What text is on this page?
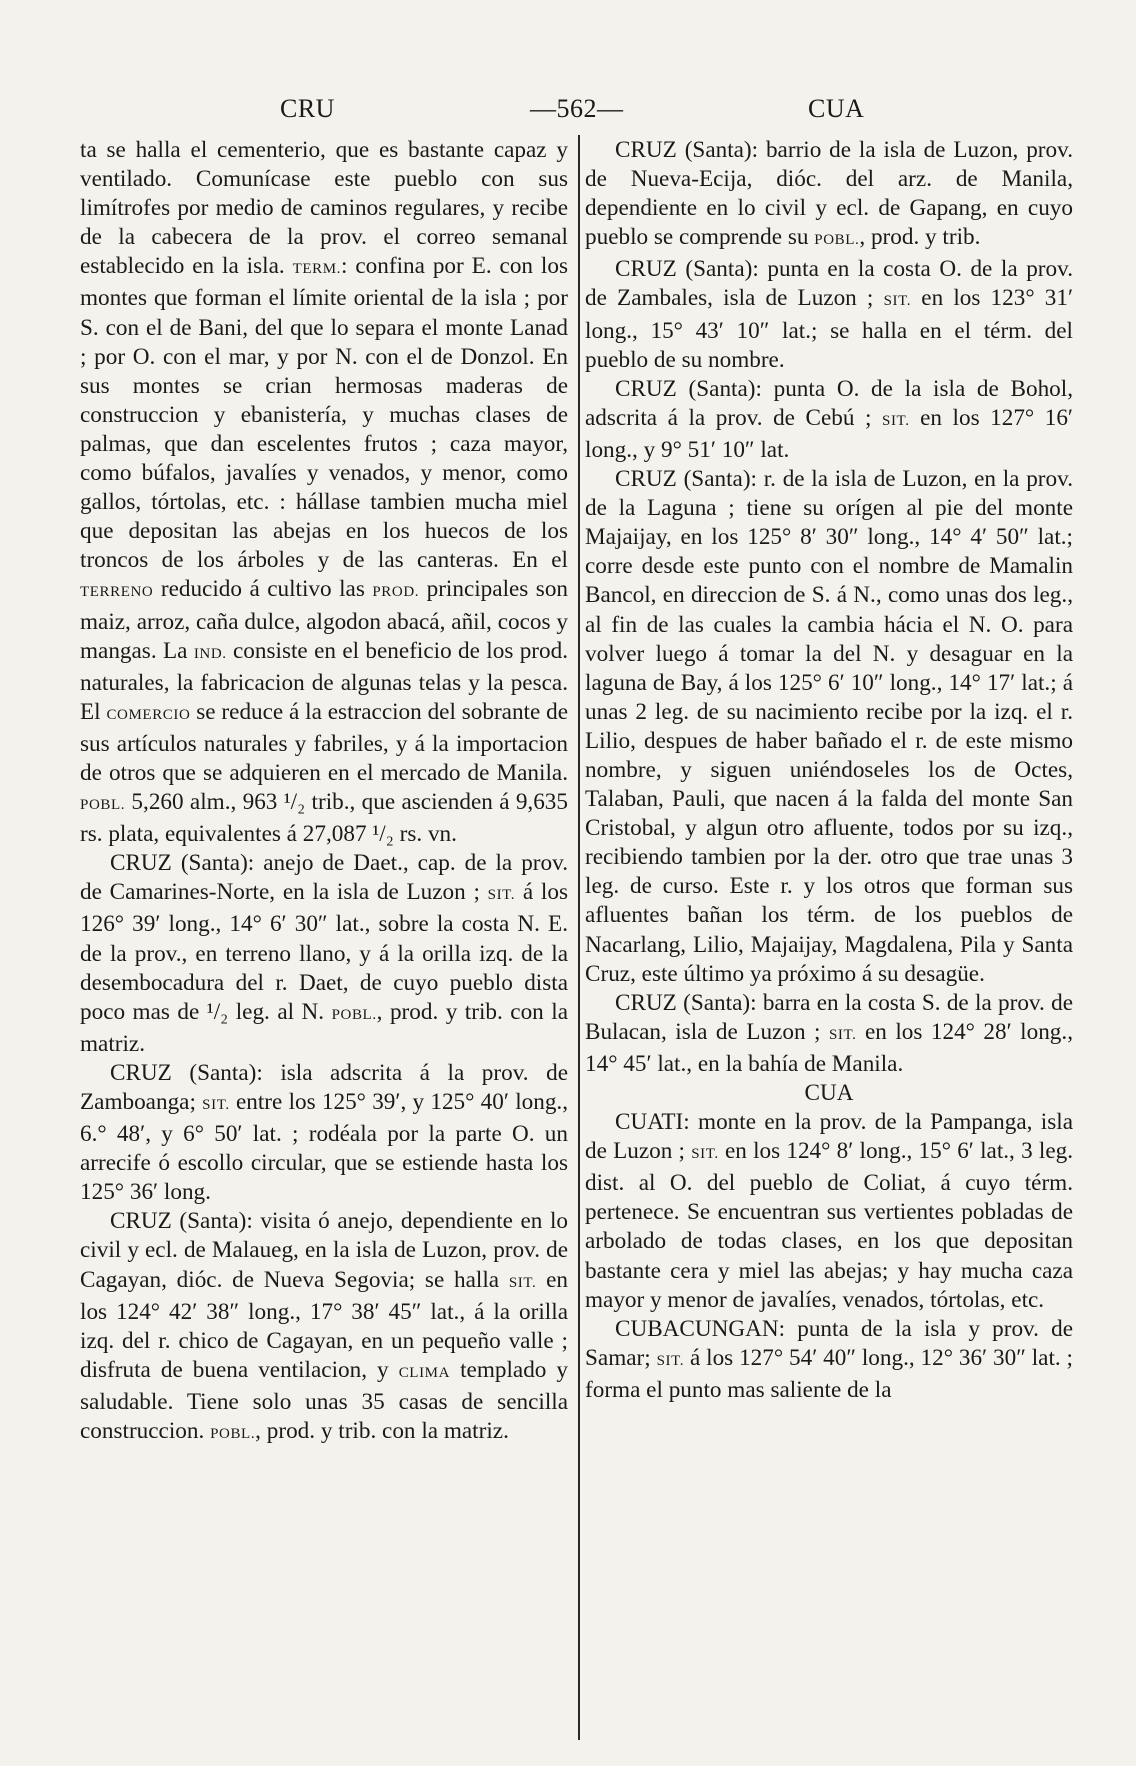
CRU	—562—	CUA

ta se halla el cementerio, que es bastante capaz y ventilado. Comunícase este pueblo con sus limítrofes por medio de caminos regulares, y recibe de la cabecera de la prov. el correo semanal establecido en la isla. TERM.: confina por E. con los montes que forman el límite oriental de la isla ; por S. con el de Bani, del que lo separa el monte Lanad ; por O. con el mar, y por N. con el de Donzol. En sus montes se crian hermosas maderas de construccion y ebanistería, y muchas clases de palmas, que dan escelentes frutos ; caza mayor, como búfalos, javalíes y venados, y menor, como gallos, tórtolas, etc. : hállase tambien mucha miel que depositan las abejas en los huecos de los troncos de los árboles y de las canteras. En el TERRENO reducido á cultivo las PROD. principales son maiz, arroz, caña dulce, algodon abacá, añil, cocos y mangas. La IND. consiste en el beneficio de los prod. naturales, la fabricacion de algunas telas y la pesca. El COMERCIO se reduce á la estraccion del sobrante de sus artículos naturales y fabriles, y á la importacion de otros que se adquieren en el mercado de Manila. POBL. 5,260 alm., 963 ¹/₂ trib., que ascienden á 9,635 rs. plata, equivalentes á 27,087 ¹/₂ rs. vn.

CRUZ (Santa): anejo de Daet., cap. de la prov. de Camarines-Norte, en la isla de Luzon ; SIT. á los 126° 39′ long., 14° 6′ 30″ lat., sobre la costa N. E. de la prov., en terreno llano, y á la orilla izq. de la desembocadura del r. Daet, de cuyo pueblo dista poco mas de ¹/₂ leg. al N. POBL., prod. y trib. con la matriz.

CRUZ (Santa): isla adscrita á la prov. de Zamboanga; SIT. entre los 125° 39′, y 125° 40′ long., 6.° 48′, y 6° 50′ lat. ; rodéala por la parte O. un arrecife ó escollo circular, que se estiende hasta los 125° 36′ long.

CRUZ (Santa): visita ó anejo, dependiente en lo civil y ecl. de Malaueg, en la isla de Luzon, prov. de Cagayan, dióc. de Nueva Segovia; se halla SIT. en los 124° 42′ 38″ long., 17° 38′ 45″ lat., á la orilla izq. del r. chico de Cagayan, en un pequeño valle ; disfruta de buena ventilacion, y CLIMA templado y saludable. Tiene solo unas 35 casas de sencilla construccion. POBL., prod. y trib. con la matriz.

CRUZ (Santa): barrio de la isla de Luzon, prov. de Nueva-Ecija, dióc. del arz. de Manila, dependiente en lo civil y ecl. de Gapang, en cuyo pueblo se comprende su POBL., prod. y trib.

CRUZ (Santa): punta en la costa O. de la prov. de Zambales, isla de Luzon ; SIT. en los 123° 31′ long., 15° 43′ 10″ lat.; se halla en el térm. del pueblo de su nombre.

CRUZ (Santa): punta O. de la isla de Bohol, adscrita á la prov. de Cebú ; SIT. en los 127° 16′ long., y 9° 51′ 10″ lat.

CRUZ (Santa): r. de la isla de Luzon, en la prov. de la Laguna ; tiene su orígen al pie del monte Majaijay, en los 125° 8′ 30″ long., 14° 4′ 50″ lat.; corre desde este punto con el nombre de Mamalin Bancol, en direccion de S. á N., como unas dos leg., al fin de las cuales la cambia hácia el N. O. para volver luego á tomar la del N. y desaguar en la laguna de Bay, á los 125° 6′ 10″ long., 14° 17′ lat.; á unas 2 leg. de su nacimiento recibe por la izq. el r. Lilio, despues de haber bañado el r. de este mismo nombre, y siguen uniéndoseles los de Octes, Talaban, Pauli, que nacen á la falda del monte San Cristobal, y algun otro afluente, todos por su izq., recibiendo tambien por la der. otro que trae unas 3 leg. de curso. Este r. y los otros que forman sus afluentes bañan los térm. de los pueblos de Nacarlang, Lilio, Majaijay, Magdalena, Pila y Santa Cruz, este último ya próximo á su desagüe.

CRUZ (Santa): barra en la costa S. de la prov. de Bulacan, isla de Luzon ; SIT. en los 124° 28′ long., 14° 45′ lat., en la bahía de Manila.

CUA

CUATI: monte en la prov. de la Pampanga, isla de Luzon ; SIT. en los 124° 8′ long., 15° 6′ lat., 3 leg. dist. al O. del pueblo de Coliat, á cuyo térm. pertenece. Se encuentran sus vertientes pobladas de arbolado de todas clases, en los que depositan bastante cera y miel las abejas; y hay mucha caza mayor y menor de javalíes, venados, tórtolas, etc.

CUBACUNGAN: punta de la isla y prov. de Samar; SIT. á los 127° 54′ 40″ long., 12° 36′ 30″ lat. ; forma el punto mas saliente de la
